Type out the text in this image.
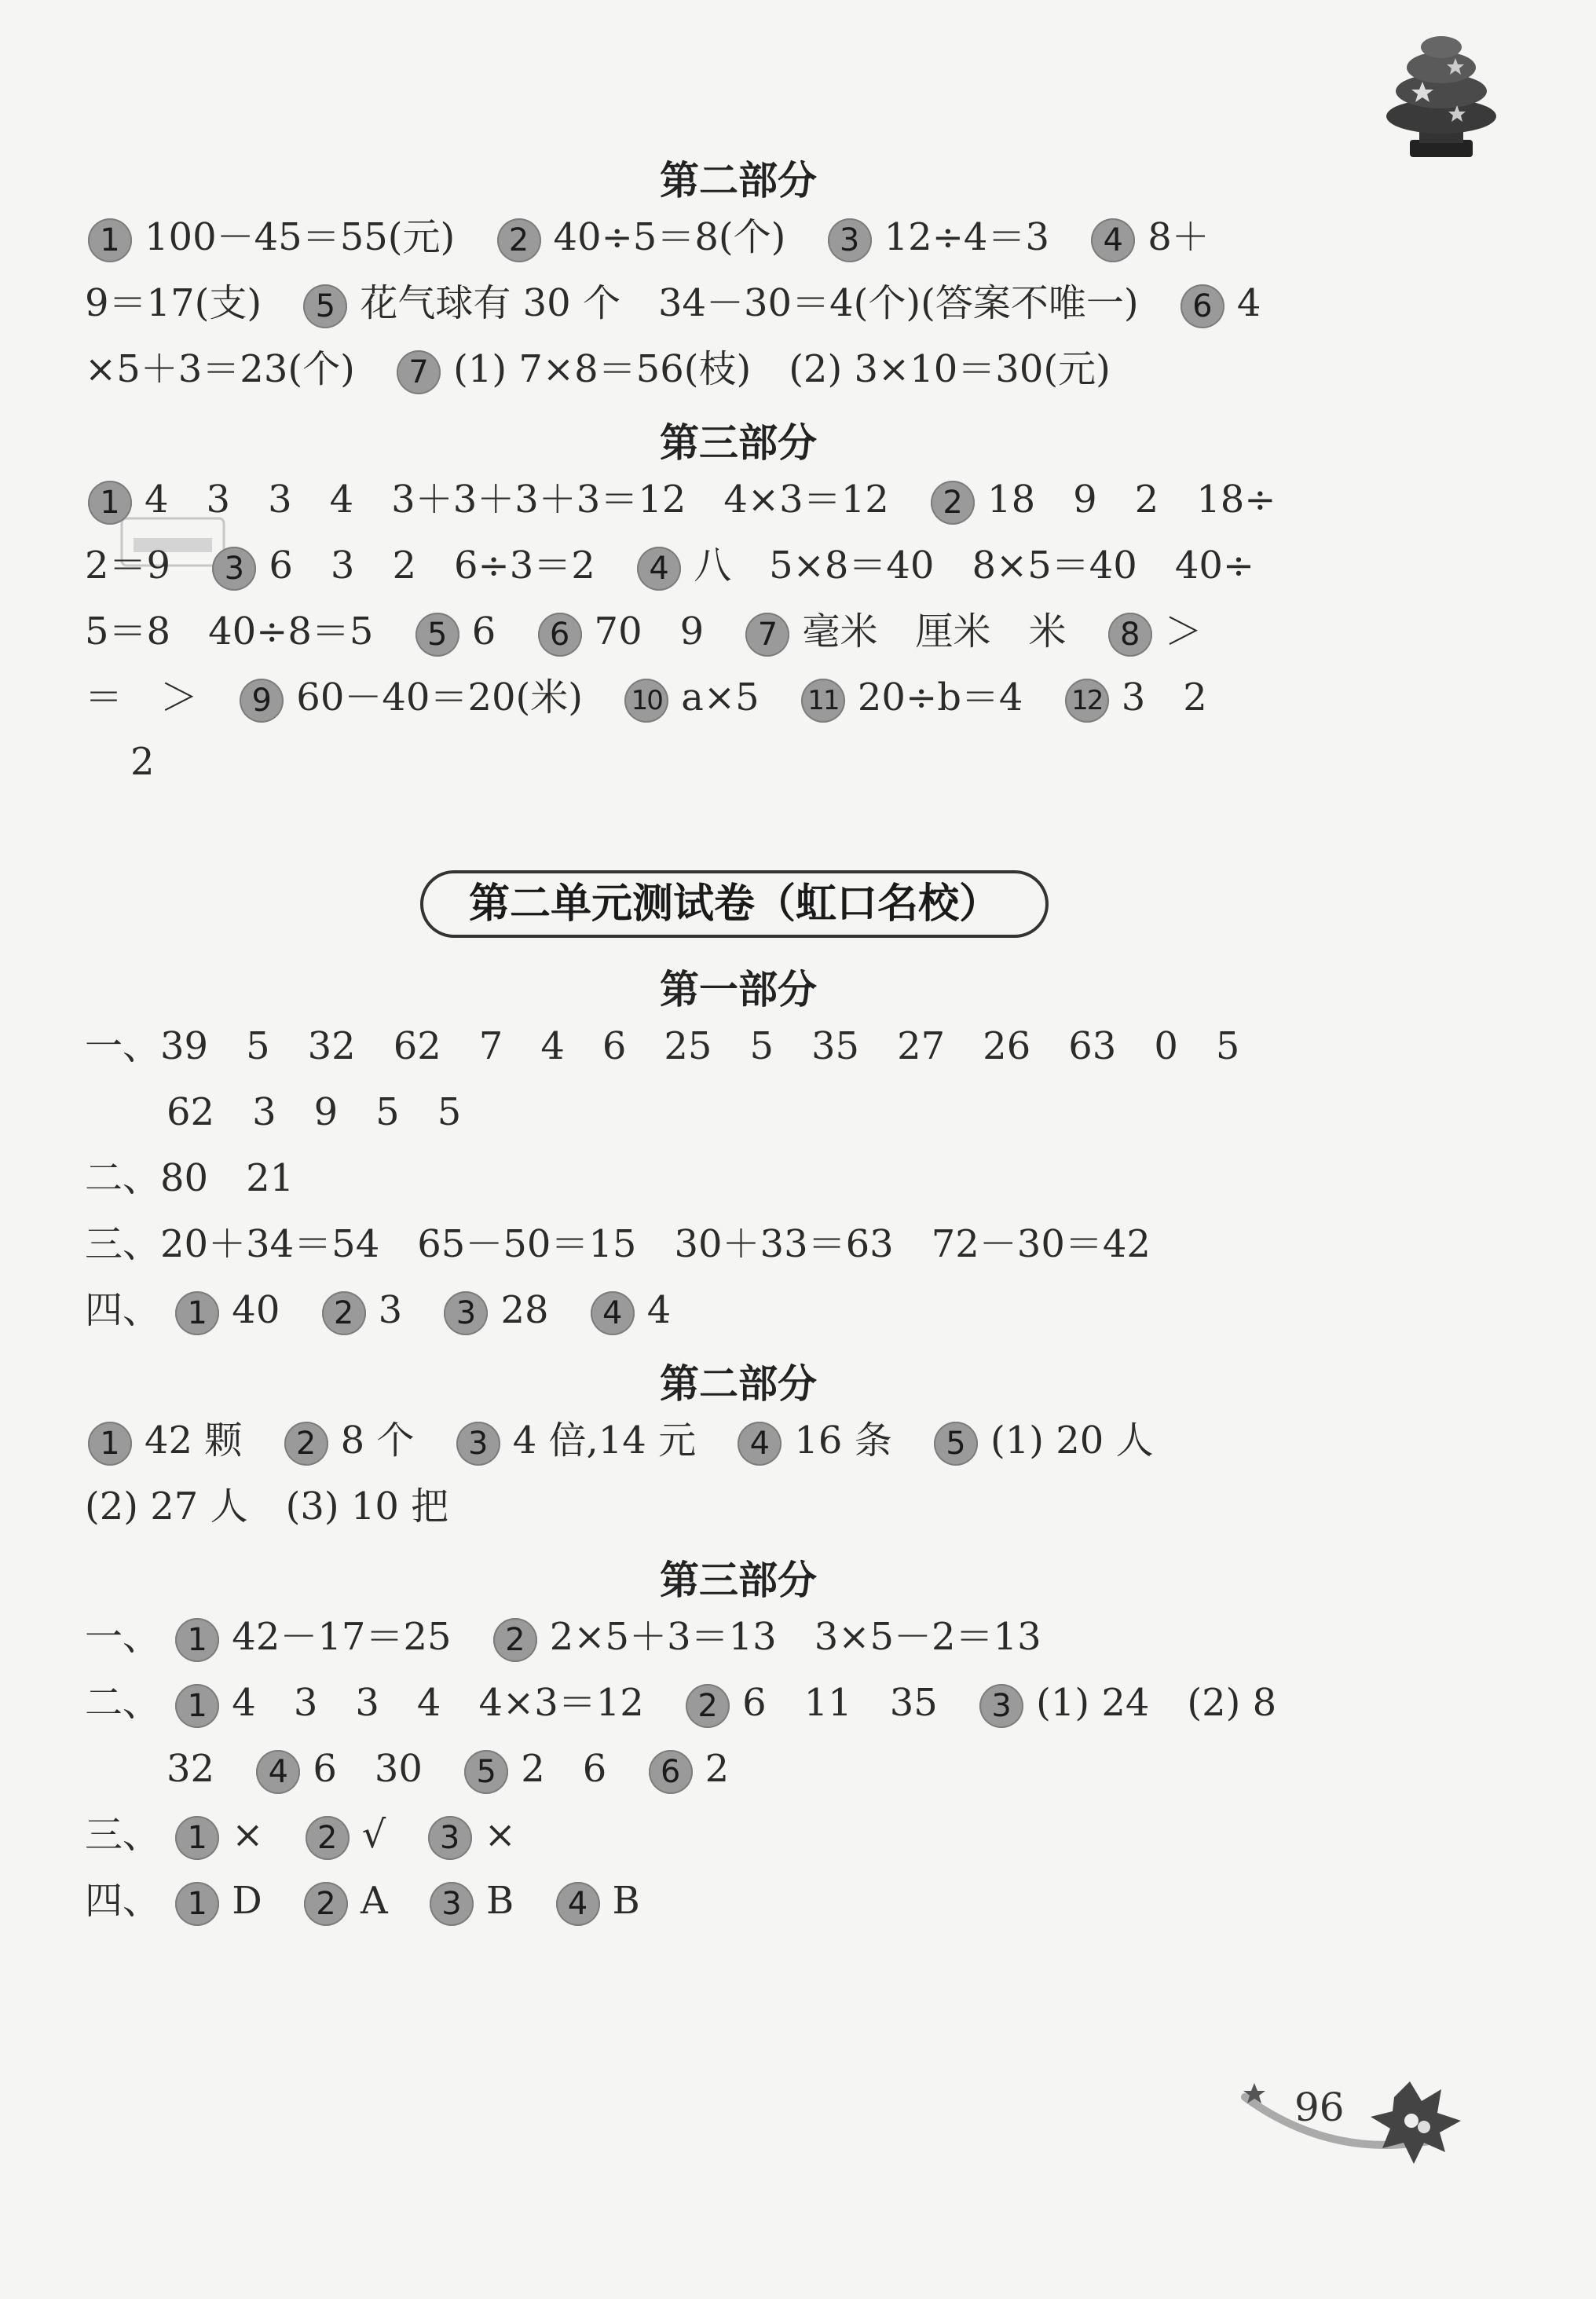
第二部分
1 100－45＝55(元) 2 40÷5＝8(个) 3 12÷4＝3 4 8＋
9＝17(支) 5 花气球有 30 个　34－30＝4(个)(答案不唯一) 6 4
×5＋3＝23(个) 7 (1) 7×8＝56(枝)　(2) 3×10＝30(元)
第三部分
1 4　3　3　4　3＋3＋3＋3＝12　4×3＝12 2 18　9　2　18÷
2＝9 3 6　3　2　6÷3＝2 4 八　5×8＝40　8×5＝40　40÷
5＝8　40÷8＝5 5 6 6 70　9 7 毫米　厘米　米 8 ＞
＝　＞ 9 60－40＝20(米) 10 a×5 11 20÷b＝4 12 3　2
2
第二单元测试卷（虹口名校）
第一部分
一、39　5　32　62　7　4　6　25　5　35　27　26　63　0　5
62　3　9　5　5
二、80　21
三、20＋34＝54　65－50＝15　30＋33＝63　72－30＝42
四、 1 40 2 3 3 28 4 4
第二部分
1 42 颗 2 8 个 3 4 倍,14 元 4 16 条 5 (1) 20 人
(2) 27 人　(3) 10 把
第三部分
一、 1 42－17＝25 2 2×5＋3＝13　3×5－2＝13
二、 1 4　3　3　4　4×3＝12 2 6　11　35 3 (1) 24　(2) 8
32 4 6　30 5 2　6 6 2
三、 1 × 2 √ 3 ×
四、 1 D 2 A 3 B 4 B
96
